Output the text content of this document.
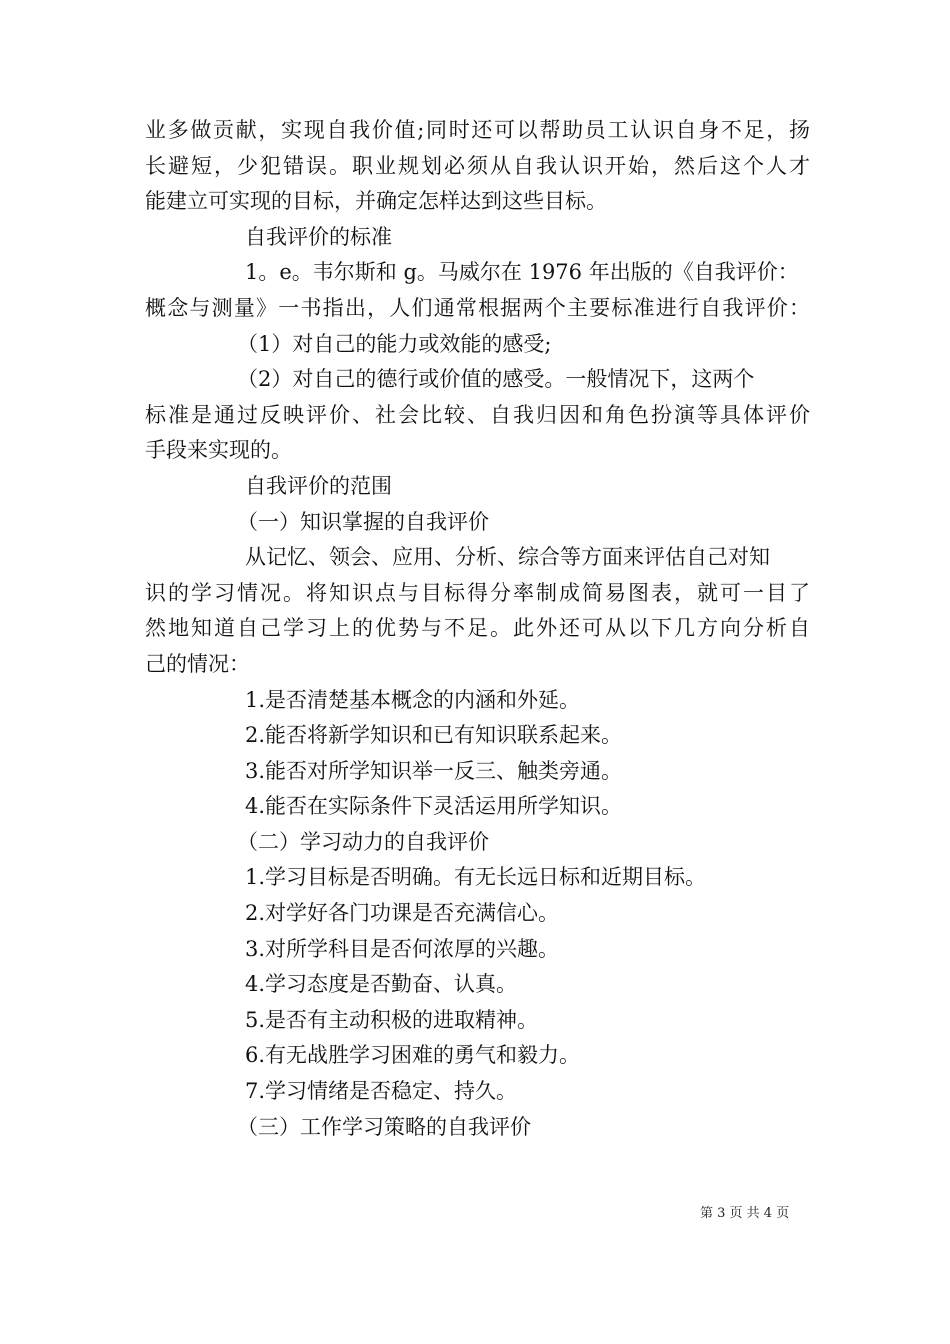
业多做贡献，实现自我价值;同时还可以帮助员工认识自身不足，扬
长避短，少犯错误。职业规划必须从自我认识开始，然后这个人才
能建立可实现的目标，并确定怎样达到这些目标。
自我评价的标准
1。e。韦尔斯和 g。马威尔在 1976 年出版的《自我评价：
概念与测量》一书指出，人们通常根据两个主要标准进行自我评价：
（1）对自己的能力或效能的感受;
（2）对自己的德行或价值的感受。一般情况下，这两个
标准是通过反映评价、社会比较、自我归因和角色扮演等具体评价
手段来实现的。
自我评价的范围
（一）知识掌握的自我评价
从记忆、领会、应用、分析、综合等方面来评估自己对知
识的学习情况。将知识点与目标得分率制成简易图表，就可一目了
然地知道自己学习上的优势与不足。此外还可从以下几方向分析自
己的情况：
1.是否清楚基本概念的内涵和外延。
2.能否将新学知识和已有知识联系起来。
3.能否对所学知识举一反三、触类旁通。
4.能否在实际条件下灵活运用所学知识。
（二）学习动力的自我评价
1.学习目标是否明确。有无长远日标和近期目标。
2.对学好各门功课是否充满信心。
3.对所学科目是否何浓厚的兴趣。
4.学习态度是否勤奋、认真。
5.是否有主动积极的进取精神。
6.有无战胜学习困难的勇气和毅力。
7.学习情绪是否稳定、持久。
（三）工作学习策略的自我评价
第 3 页 共 4 页
